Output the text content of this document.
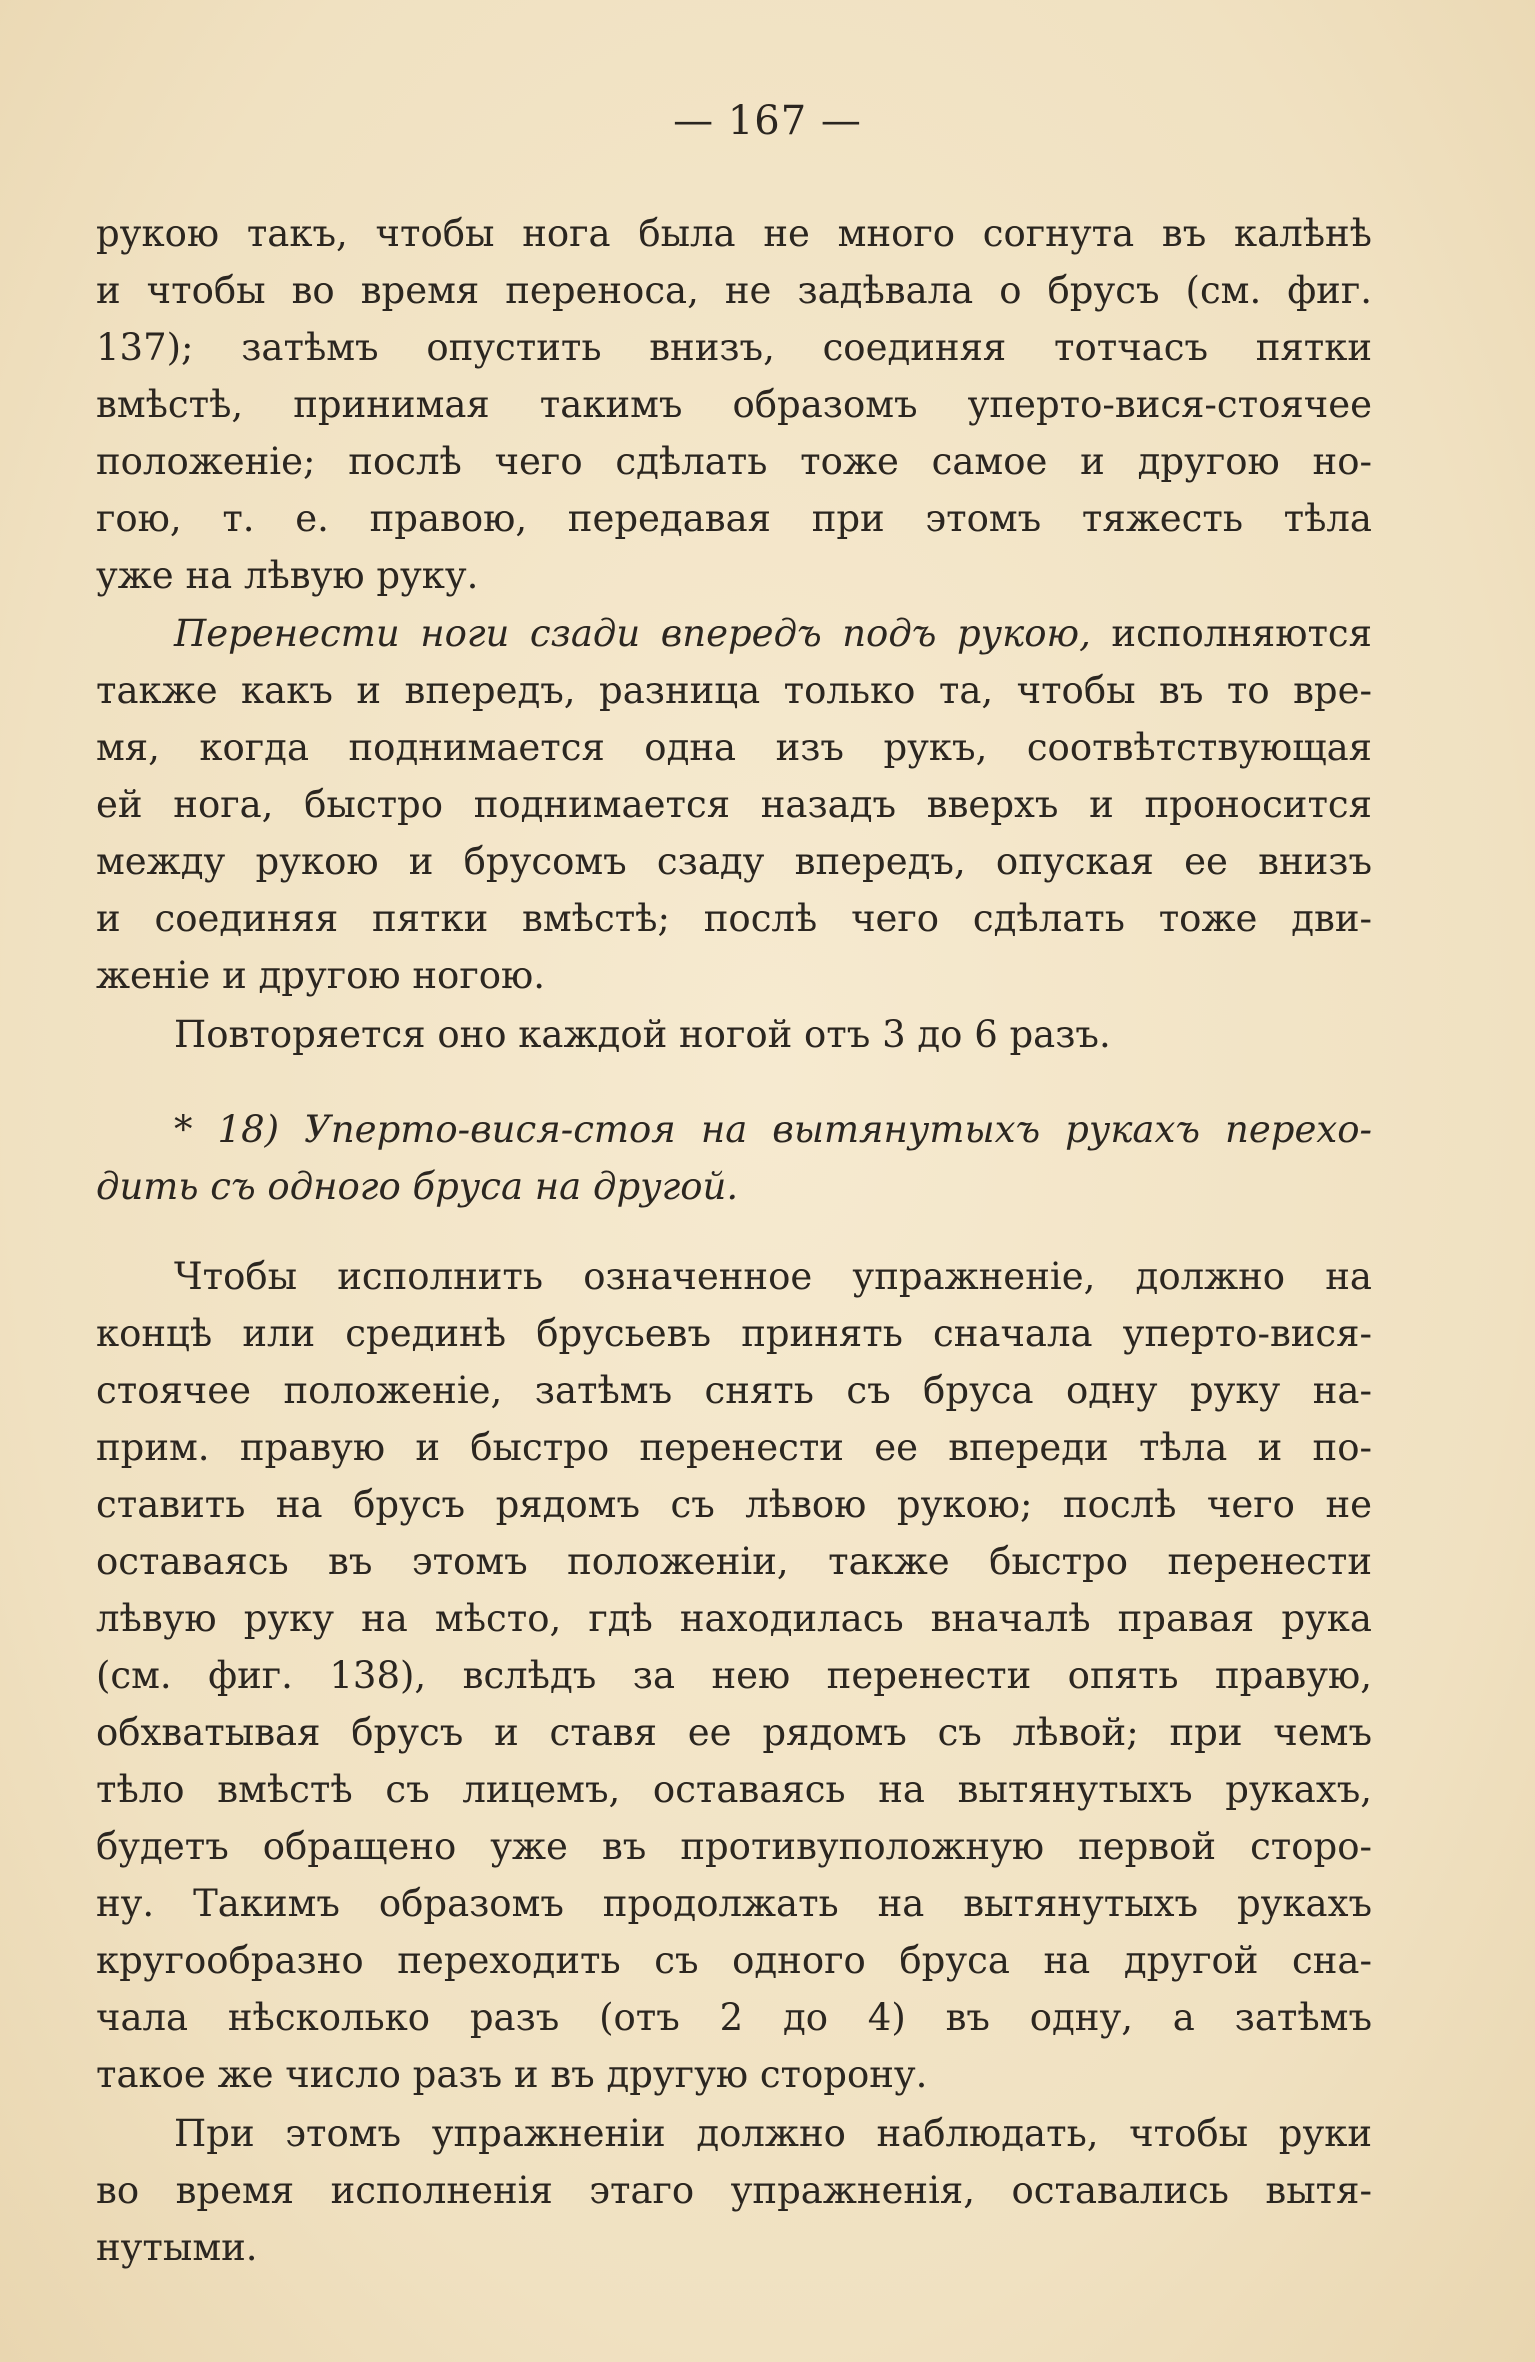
— 167 —
рукою такъ, чтобы нога была не много согнута въ калѣнѣ
и чтобы во время переноса, не задѣвала о брусъ (см. фиг.
137); затѣмъ опустить внизъ, соединяя тотчасъ пятки
вмѣстѣ, принимая такимъ образомъ уперто-вися-стоячее
положеніе; послѣ чего сдѣлать тоже самое и другою но-
гою, т. е. правою, передавая при этомъ тяжесть тѣла
уже на лѣвую руку.
Перенести ноги сзади впередъ подъ рукою, исполняются
также какъ и впередъ, разница только та, чтобы въ то вре-
мя, когда поднимается одна изъ рукъ, соотвѣтствующая
ей нога, быстро поднимается назадъ вверхъ и проносится
между рукою и брусомъ сзаду впередъ, опуская ее внизъ
и соединяя пятки вмѣстѣ; послѣ чего сдѣлать тоже дви-
женіе и другою ногою.
Повторяется оно каждой ногой отъ 3 до 6 разъ.
* 18) Уперто-вися-стоя на вытянутыхъ рукахъ перехо-
дить съ одного бруса на другой.
Чтобы исполнить означенное упражненіе, должно на
концѣ или срединѣ брусьевъ принять сначала уперто-вися-
стоячее положеніе, затѣмъ снять съ бруса одну руку на-
прим. правую и быстро перенести ее впереди тѣла и по-
ставить на брусъ рядомъ съ лѣвою рукою; послѣ чего не
оставаясь въ этомъ положеніи, также быстро перенести
лѣвую руку на мѣсто, гдѣ находилась вначалѣ правая рука
(см. фиг. 138), вслѣдъ за нею перенести опять правую,
обхватывая брусъ и ставя ее рядомъ съ лѣвой; при чемъ
тѣло вмѣстѣ съ лицемъ, оставаясь на вытянутыхъ рукахъ,
будетъ обращено уже въ противуположную первой сторо-
ну. Такимъ образомъ продолжать на вытянутыхъ рукахъ
кругообразно переходить съ одного бруса на другой сна-
чала нѣсколько разъ (отъ 2 до 4) въ одну, а затѣмъ
такое же число разъ и въ другую сторону.
При этомъ упражненіи должно наблюдать, чтобы руки
во время исполненія этаго упражненія, оставались вытя-
нутыми.
